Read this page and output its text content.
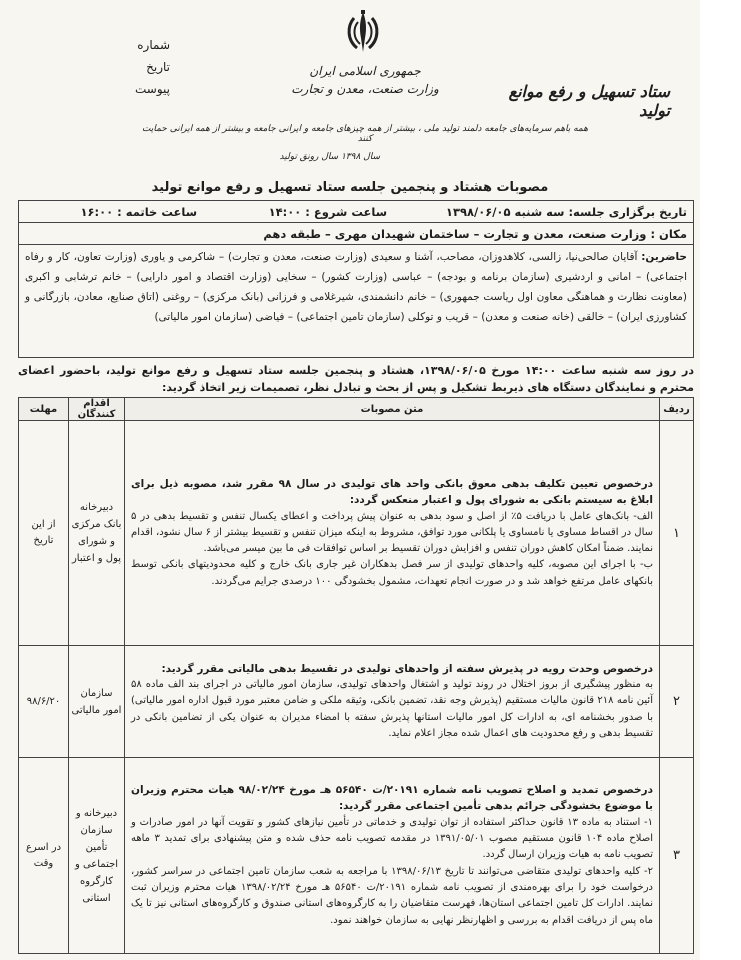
جمهوری اسلامی ایران
وزارت صنعت، معدن و تجارت	ستاد تسهیل و رفع موانع تولید
شماره
تاریخ
پیوست
همه باهم سرمایه‌های جامعه دلمند تولید ملی ، بیشتر از همه چیزهای جامعه و ایرانی جامعه و بیشتر از همه ایرانی حمایت کنند
سال ۱۳۹۸ سال رونق تولید
مصوبات هشتاد و پنجمین جلسه ستاد تسهیل و رفع موانع تولید
تاریخ برگزاری جلسه: سه شنبه ۱۳۹۸/۰۶/۰۵
ساعت شروع : ۱۴:۰۰
ساعت خاتمه : ۱۶:۰۰
مکان : وزارت صنعت، معدن و تجارت – ساختمان شهیدان مهری – طبقه دهم
حاضرین: آقایان صالحی‌نیا، زالسی، کلاهدوزان، مصاحب، آشنا و سعیدی (وزارت صنعت، معدن و تجارت) – شاکرمی و یاوری (وزارت تعاون، کار و رفاه اجتماعی) – امانی و اردشیری (سازمان برنامه و بودجه) – عباسی (وزارت کشور) – سخایی (وزارت اقتصاد و امور دارایی) – خانم ترشابی و اکبری (معاونت نظارت و هماهنگی معاون اول ریاست جمهوری) – خانم دانشمندی، شیرغلامی و فرزانی (بانک مرکزی) – روغنی (اتاق صنایع، معادن، بازرگانی و کشاورزی ایران) – خالقی (خانه صنعت و معدن) – قریب و توکلی (سازمان تامین اجتماعی) – فیاضی (سازمان امور مالیاتی)
در روز سه شنبه ساعت ۱۴:۰۰ مورخ ۱۳۹۸/۰۶/۰۵، هشتاد و پنجمین جلسه ستاد تسهیل و رفع موانع تولید، باحضور اعضای محترم و نمایندگان دستگاه های ذیربط تشکیل و پس از بحث و تبادل نظر، تصمیمات زیر اتخاذ گردید:
ردیف	متن مصوبات	اقدام کنندگان	مهلت
۱	درخصوص تعیین تکلیف بدهی معوق بانکی واحد های تولیدی در سال ۹۸ مقرر شد، مصوبه ذیل برای ابلاغ به سیستم بانکی به شورای پول و اعتبار منعکس گردد:
الف- بانک‌های عامل با دریافت ۵٪ از اصل و سود بدهی به عنوان پیش پرداخت و اعطای یکسال تنفس و تقسیط بدهی در ۵ سال در اقساط مساوی یا نامساوی یا پلکانی مورد توافق، مشروط به اینکه میزان تنفس و تقسیط بیشتر از ۶ سال نشود، اقدام نمایند. ضمناً امکان کاهش دوران تنفس و افزایش دوران تقسیط بر اساس توافقات فی ما بین میسر می‌باشد.
ب- با اجرای این مصوبه، کلیه واحدهای تولیدی از سر فصل بدهکاران غیر جاری بانک خارج و کلیه محدودیتهای بانکی توسط بانکهای عامل مرتفع خواهد شد و در صورت انجام تعهدات، مشمول بخشودگی ۱۰۰ درصدی جرایم می‌گردند.	دبیرخانه بانک مرکزی و شورای پول و اعتبار	از این تاریخ
۲	درخصوص وحدت رویه در پذیرش سفته از واحدهای تولیدی در تقسیط بدهی مالیاتی مقرر گردید:
به منظور پیشگیری از بروز اختلال در روند تولید و اشتغال واحدهای تولیدی، سازمان امور مالیاتی در اجرای بند الف ماده ۵۸ آئین نامه ۲۱۸ قانون مالیات مستقیم (پذیرش وجه نقد، تضمین بانکی، وثیقه ملکی و ضامن معتبر مورد قبول اداره امور مالیاتی) با صدور بخشنامه ای، به ادارات کل امور مالیات استانها پذیرش سفته با امضاء مدیران به عنوان یکی از تضامین بانکی در تقسیط بدهی و رفع محدودیت های اعمال شده مجاز اعلام نماید.	سازمان امور مالیاتی	۹۸/۶/۲۰
۳	درخصوص تمدید و اصلاح تصویب نامه شماره ۲۰۱۹۱/ت ۵۶۵۴۰ هـ مورخ ۹۸/۰۲/۲۴ هیات محترم وزیران با موضوع بخشودگی جرائم بدهی تأمین اجتماعی مقرر گردید:
۱- استناد به ماده ۱۳ قانون حداکثر استفاده از توان تولیدی و خدماتی در تأمین نیازهای کشور و تقویت آنها در امور صادرات و اصلاح ماده ۱۰۴ قانون مستقیم مصوب ۱۳۹۱/۰۵/۰۱ در مقدمه تصویب نامه حذف شده و متن پیشنهادی برای تمدید ۳ ماهه تصویب نامه به هیات وزیران ارسال گردد.
۲- کلیه واحدهای تولیدی متقاضی می‌توانند تا تاریخ ۱۳۹۸/۰۶/۱۳ با مراجعه به شعب سازمان تامین اجتماعی در سراسر کشور، درخواست خود را برای بهره‌مندی از تصویب نامه شماره ۲۰۱۹۱/ت ۵۶۵۴۰ هـ مورخ ۱۳۹۸/۰۲/۲۴ هیات محترم وزیران ثبت نمایند. ادارات کل تامین اجتماعی استان‌ها، فهرست متقاضیان را به کارگروه‌های استانی صندوق و کارگروه‌های استانی نیز تا یک ماه پس از دریافت اقدام به بررسی و اظهارنظر نهایی به سازمان خواهند نمود.	دبیرخانه و سازمان تأمین اجتماعی و کارگروه استانی	در اسرع وقت
